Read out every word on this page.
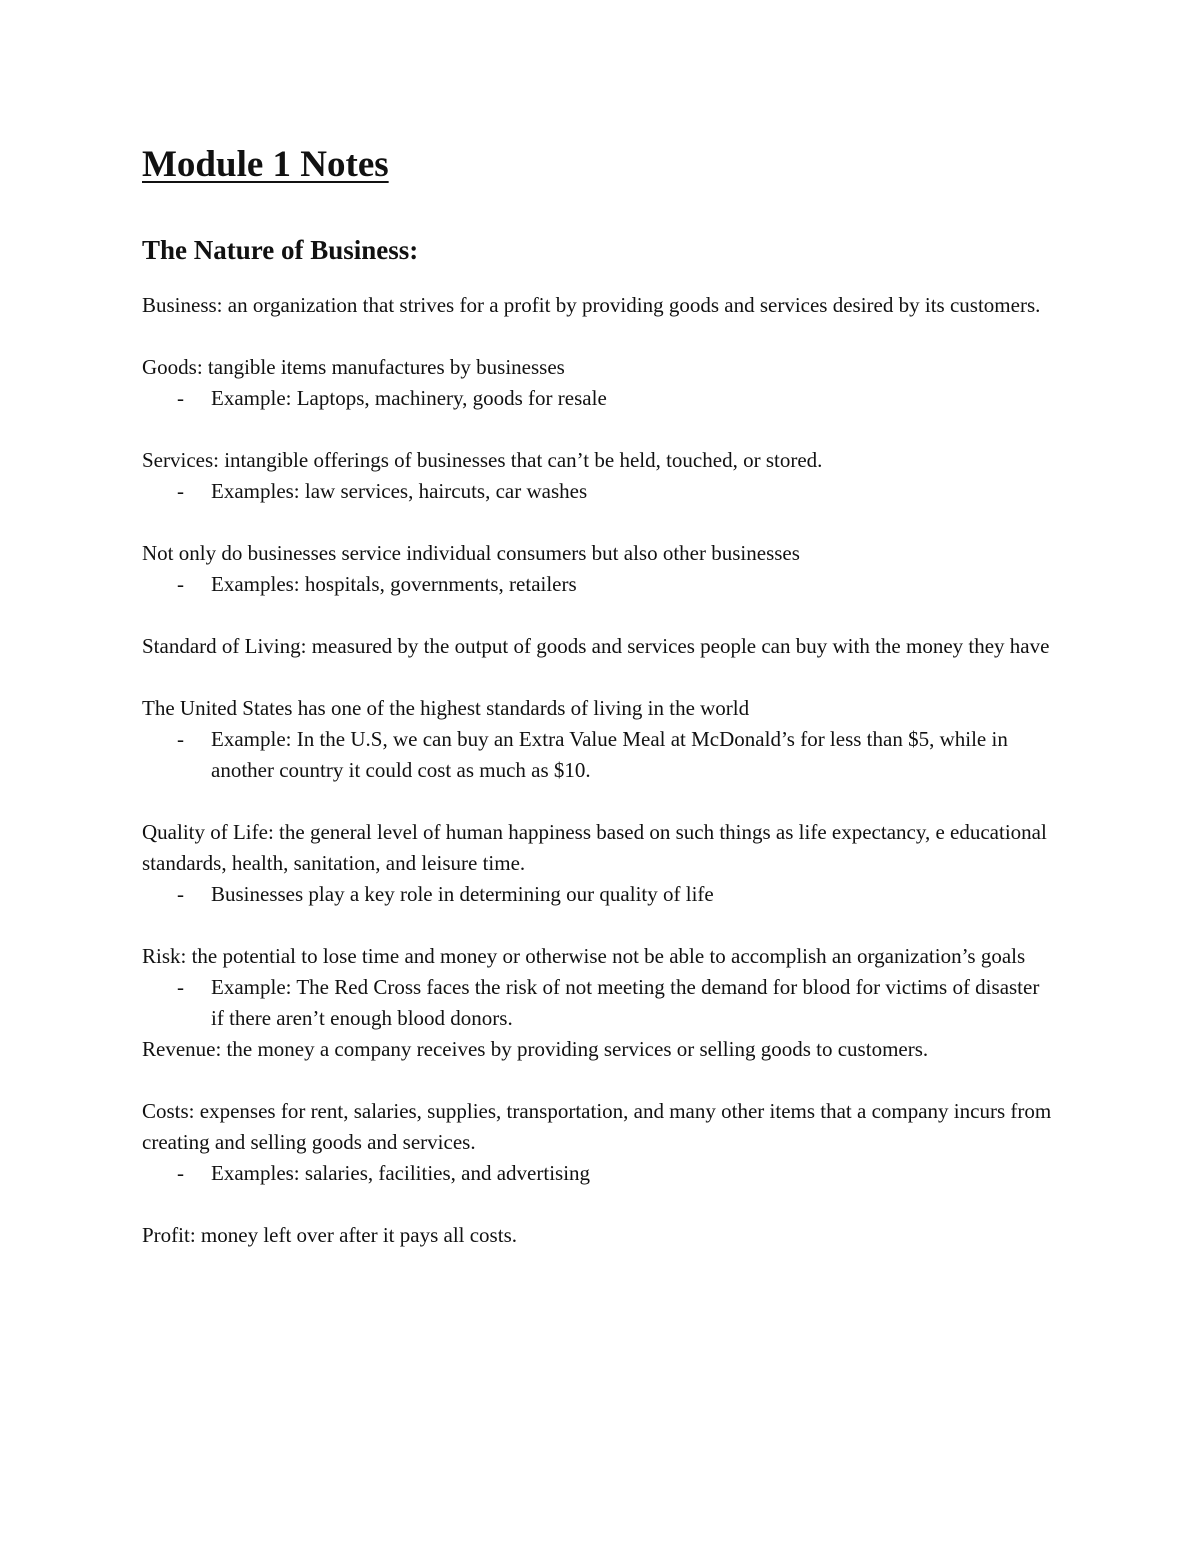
Module 1 Notes
The Nature of Business:

Business: an organization that strives for a profit by providing goods and services desired by its customers.

Goods: tangible items manufactures by businesses

- Example: Laptops, machinery, goods for resale

Services: intangible offerings of businesses that can’t be held, touched, or stored.

- Examples: law services, haircuts, car washes

Not only do businesses service individual consumers but also other businesses

- Examples: hospitals, governments, retailers

Standard of Living: measured by the output of goods and services people can buy with the money they have

The United States has one of the highest standards of living in the world

- Example: In the U.S, we can buy an Extra Value Meal at McDonald’s for less than $5, while in another country it could cost as much as $10.

Quality of Life: the general level of human happiness based on such things as life expectancy, e educational standards, health, sanitation, and leisure time.

- Businesses play a key role in determining our quality of life

Risk: the potential to lose time and money or otherwise not be able to accomplish an organization’s goals

- Example: The Red Cross faces the risk of not meeting the demand for blood for victims of disaster if there aren’t enough blood donors.

Revenue: the money a company receives by providing services or selling goods to customers.

Costs: expenses for rent, salaries, supplies, transportation, and many other items that a company incurs from creating and selling goods and services.

- Examples: salaries, facilities, and advertising

Profit: money left over after it pays all costs.
